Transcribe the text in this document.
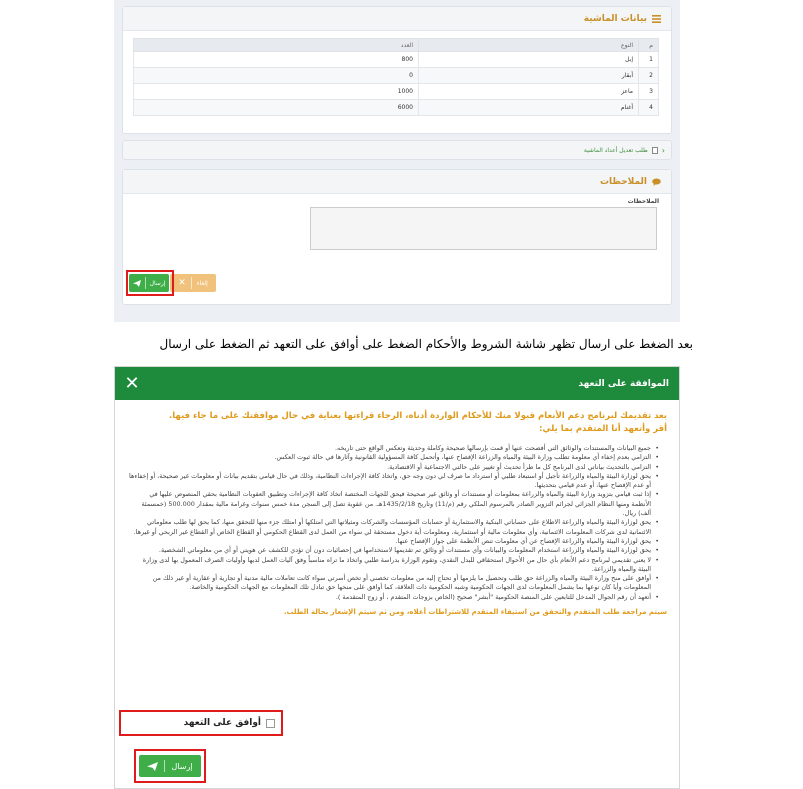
بيانات الماشية
م	النوع	العدد
1	إبل	800
2	أبقار	0
3	ماعز	1000
4	أغنام	6000
‹
طلب تعديل أعداد الماشية
الملاحظات
الملاحظات
إلغاء
✕
إرسال
بعد الضغط على ارسال تظهر شاشة الشروط والأحكام الضغط على أوافق على التعهد ثم الضغط على ارسال
الموافقة على التعهد
✕
بعد تقديمك لبرنامج دعم الأنعام قبولا منك للأحكام الواردة أدناه، الرجاء قراءتها بعناية في حال موافقتك على ما جاء فيها.
أقر وأتعهد أنا المتقدم بما يلي:
• جميع البيانات والمستندات والوثائق التي أفصحت عنها أو قمت بإرسالها صحيحة وكاملة وحديثة وتعكس الواقع حتى تاريخه.
• التزامي بعدم إخفاء أي معلومة تطلب وزارة البيئة والمياه والزراعة الإفصاح عنها، وأتحمل كافة المسؤولية القانونية وآثارها في حالة ثبوت العكس.
• التزامي بالتحديث بياناتي لدى البرنامج كل ما طرأ تحديث أو تغيير على حالتي الاجتماعية أو الاقتصادية.
• يحق لوزارة البيئة والمياه والزراعة تأجيل أو استبعاد طلبي أو استرداد ما صرف لي دون وجه حق، واتخاذ كافة الإجراءات النظامية، وذلك في حال قيامي بتقديم بيانات أو معلومات غير صحيحة، أو إخفاءها أو عدم الإفصاح عنها، أو عدم قيامي بتحديثها.
• إذا ثبت قيامي بتزويد وزارة البيئة والمياه والزراعة بمعلومات أو مستندات أو وثائق غير صحيحة فيحق للجهات المختصة اتخاذ كافة الإجراءات وتطبيق العقوبات النظامية بحقي المنصوص عليها في الأنظمة ومنها النظام الجزائي لجرائم التزوير الصادر بالمرسوم الملكي رقم (م/11) وتاريخ 1435/2/18هـ. من عقوبة تصل إلى السجن مدة خمس سنوات وغرامة مالية بمقدار 500.000 (خمسمئة ألف) ريال.
• يحق لوزارة البيئة والمياه والزراعة الاطلاع على حساباتي البنكية والاستثمارية أو حسابات المؤسسات والشركات ومثيلاتها التي امتلكها أو امتلك جزء منها للتحقق منها، كما يحق لها طلب معلوماتي الائتمانية لدى شركات المعلومات الائتمانية، وأي معلومات مالية أو استثمارية، ومعلومات أية دخول مستحقة لي سواء من العمل لدى القطاع الحكومي أو القطاع الخاص أو القطاع غير الربحي أو غيرها.
• يحق لوزارة البيئة والمياه والزراعة الإفصاح عن أي معلومات تنص الأنظمة على جواز الإفصاح عنها.
• يحق لوزارة البيئة والمياه والزراعة استخدام المعلومات والبيانات وأي مستندات أو وثائق تم تقديمها لاستخدامها في إحصائيات دون أن تؤدي للكشف عن هويتي أو أي من معلوماتي الشخصية.
• لا يعني تقديمي لبرنامج دعم الأنعام بأي حال من الأحوال استحقاقي للبدل النقدي، وتقوم الوزارة بدراسة طلبي واتخاذ ما تراه مناسباً وفق آليات العمل لديها وأوليات الصرف المعمول بها لدى وزارة البيئة والمياه والزراعة.
• أوافق على منح وزارة البيئة والمياه والزراعة حق طلب وتحصيل ما يلزمها أو تحتاج إليه من معلومات تخصني أو تخص أسرتي سواء كانت تعاملات مالية مدنية أو تجارية أو عقارية أو غير ذلك من المعلومات وأيا كان نوعها بما يشمل المعلومات لدى الجهات الحكومية وشبه الحكومية ذات العلاقة، كما أوافق على منحها حق تبادل تلك المعلومات مع الجهات الحكومية والخاصة.
• أتعهد أن رقم الجوال المدخل للتابعين على المنصة الحكومية "أبشر" صحيح (الخاص بزوجات المتقدم ، أو زوج المتقدمة ).
سيتم مراجعة طلب المتقدم والتحقق من استيفاء المتقدم للاشتراطات أعلاه، ومن ثم سيتم الإشعار بحالة الطلب.
أوافق على التعهد
إرسال
